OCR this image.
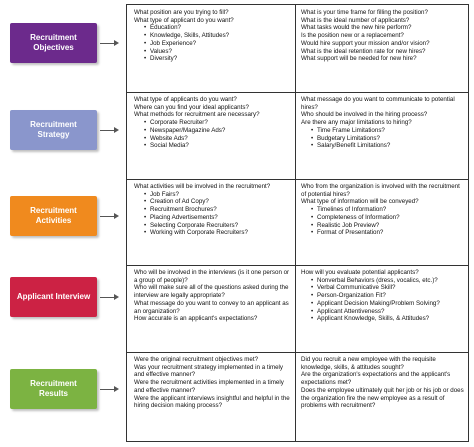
What position are you trying to fill?
What type of applicant do you want?
• Education?
• Knowledge, Skills, Attitudes?
• Job Experience?
• Values?
• Diversity?
What is your time frame for filling the position?
What is the ideal number of applicants?
What tasks would the new hire perform?
Is the position new or a replacement?
Would hire support your mission and/or vision?
What is the ideal retention rate for new hires?
What support will be needed for new hire?
What type of applicants do you want?
Where can you find your ideal applicants?
What methods for recruitment are necessary?
• Corporate Recruiter?
• Newspaper/Magazine Ads?
• Website Ads?
• Social Media?
What message do you want to communicate to potential hires?
Who should be involved in the hiring process?
Are there any major limitations to hiring?
• Time Frame Limitations?
• Budgetary Limitations?
• Salary/Benefit Limitations?
What activities will be involved in the recruitment?
• Job Fairs?
• Creation of Ad Copy?
• Recruitment Brochures?
• Placing Advertisements?
• Selecting Corporate Recruiters?
• Working with Corporate Recruiters?
Who from the organization is involved with the recruitment of potential hires?
What type of information will be conveyed?
• Timelines of Information?
• Completeness of Information?
• Realistic Job Preview?
• Format of Presentation?
Who will be involved in the interviews (is it one person or a group of people)?
Who will make sure all of the questions asked during the interview are legally appropriate?
What message do you want to convey to an applicant as an organization?
How accurate is an applicant's expectations?
How will you evaluate potential applicants?
• Nonverbal Behaviors (dress, vocalics, etc.)?
• Verbal Communicative Skill?
• Person-Organization Fit?
• Applicant Decision Making/Problem Solving?
• Applicant Attentiveness?
• Applicant Knowledge, Skills, & Attitudes?
Were the original recruitment objectives met?
Was your recruitment strategy implemented in a timely and effective manner?
Were the recruitment activities implemented in a timely and effective manner?
Were the applicant interviews insightful and helpful in the hiring decision making process?
Did you recruit a new employee with the requisite knowledge, skills, & attitudes sought?
Are the organization's expectations and the applicant's expectations met?
Does the employee ultimately quit her job or his job or does the organization fire the new employee as a result of problems with recruitment?
Recruitment Objectives
Recruitment Strategy
Recruitment Activities
Applicant Interview
Recruitment Results
